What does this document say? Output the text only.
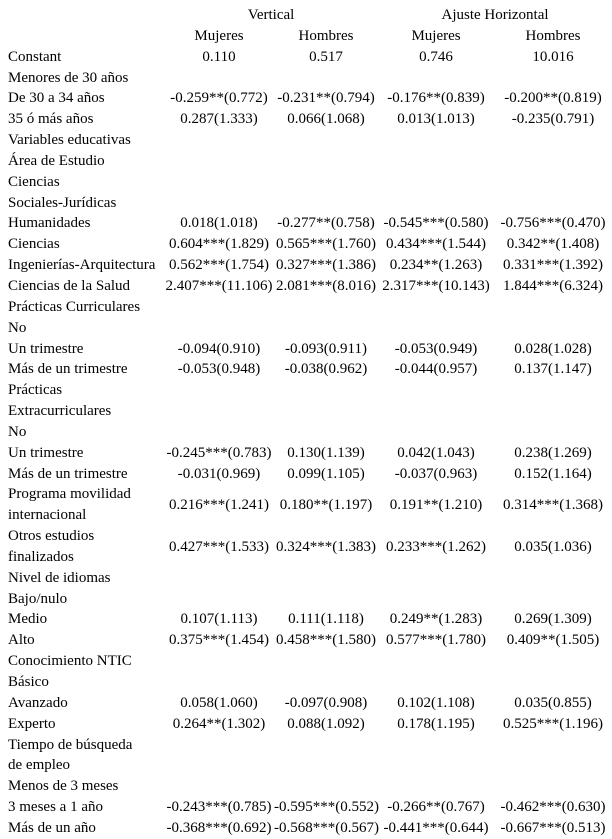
	Vertical		Ajuste Horizontal	
	Mujeres	Hombres	Mujeres	Hombres

Constant	0.110	0.517	0.746	10.016

Menores de 30 años				

De 30 a 34 años	-0.259**(0.772)	-0.231**(0.794)	-0.176**(0.839)	-0.200**(0.819)

35 ó más años	0.287(1.333)	0.066(1.068)	0.013(1.013)	-0.235(0.791)

Variables educativas				

Área de Estudio				

Ciencias
Sociales-Jurídicas				

Humanidades	0.018(1.018)	-0.277**(0.758)	-0.545***(0.580)	-0.756***(0.470)

Ciencias	0.604***(1.829)	0.565***(1.760)	0.434***(1.544)	0.342**(1.408)

Ingenierías-Arquitectura	0.562***(1.754)	0.327***(1.386)	0.234**(1.263)	0.331***(1.392)

Ciencias de la Salud	2.407***(11.106)	2.081***(8.016)	2.317***(10.143)	1.844***(6.324)

Prácticas Curriculares				

No				

Un trimestre	-0.094(0.910)	-0.093(0.911)	-0.053(0.949)	0.028(1.028)

Más de un trimestre	-0.053(0.948)	-0.038(0.962)	-0.044(0.957)	0.137(1.147)

Prácticas
Extracurriculares				

No				

Un trimestre	-0.245***(0.783)	0.130(1.139)	0.042(1.043)	0.238(1.269)

Más de un trimestre	-0.031(0.969)	0.099(1.105)	-0.037(0.963)	0.152(1.164)

Programa movilidad
internacional	0.216***(1.241)	0.180**(1.197)	0.191**(1.210)	0.314***(1.368)

Otros estudios
finalizados	0.427***(1.533)	0.324***(1.383)	0.233***(1.262)	0.035(1.036)

Nivel de idiomas				

Bajo/nulo				

Medio	0.107(1.113)	0.111(1.118)	0.249**(1.283)	0.269(1.309)

Alto	0.375***(1.454)	0.458***(1.580)	0.577***(1.780)	0.409**(1.505)

Conocimiento NTIC				

Básico				

Avanzado	0.058(1.060)	-0.097(0.908)	0.102(1.108)	0.035(0.855)

Experto	0.264**(1.302)	0.088(1.092)	0.178(1.195)	0.525***(1.196)

Tiempo de búsqueda
de empleo				

Menos de 3 meses				

3 meses a 1 año	-0.243***(0.785)	-0.595***(0.552)	-0.266**(0.767)	-0.462***(0.630)

Más de un año	-0.368***(0.692)	-0.568***(0.567)	-0.441***(0.644)	-0.667***(0.513)
